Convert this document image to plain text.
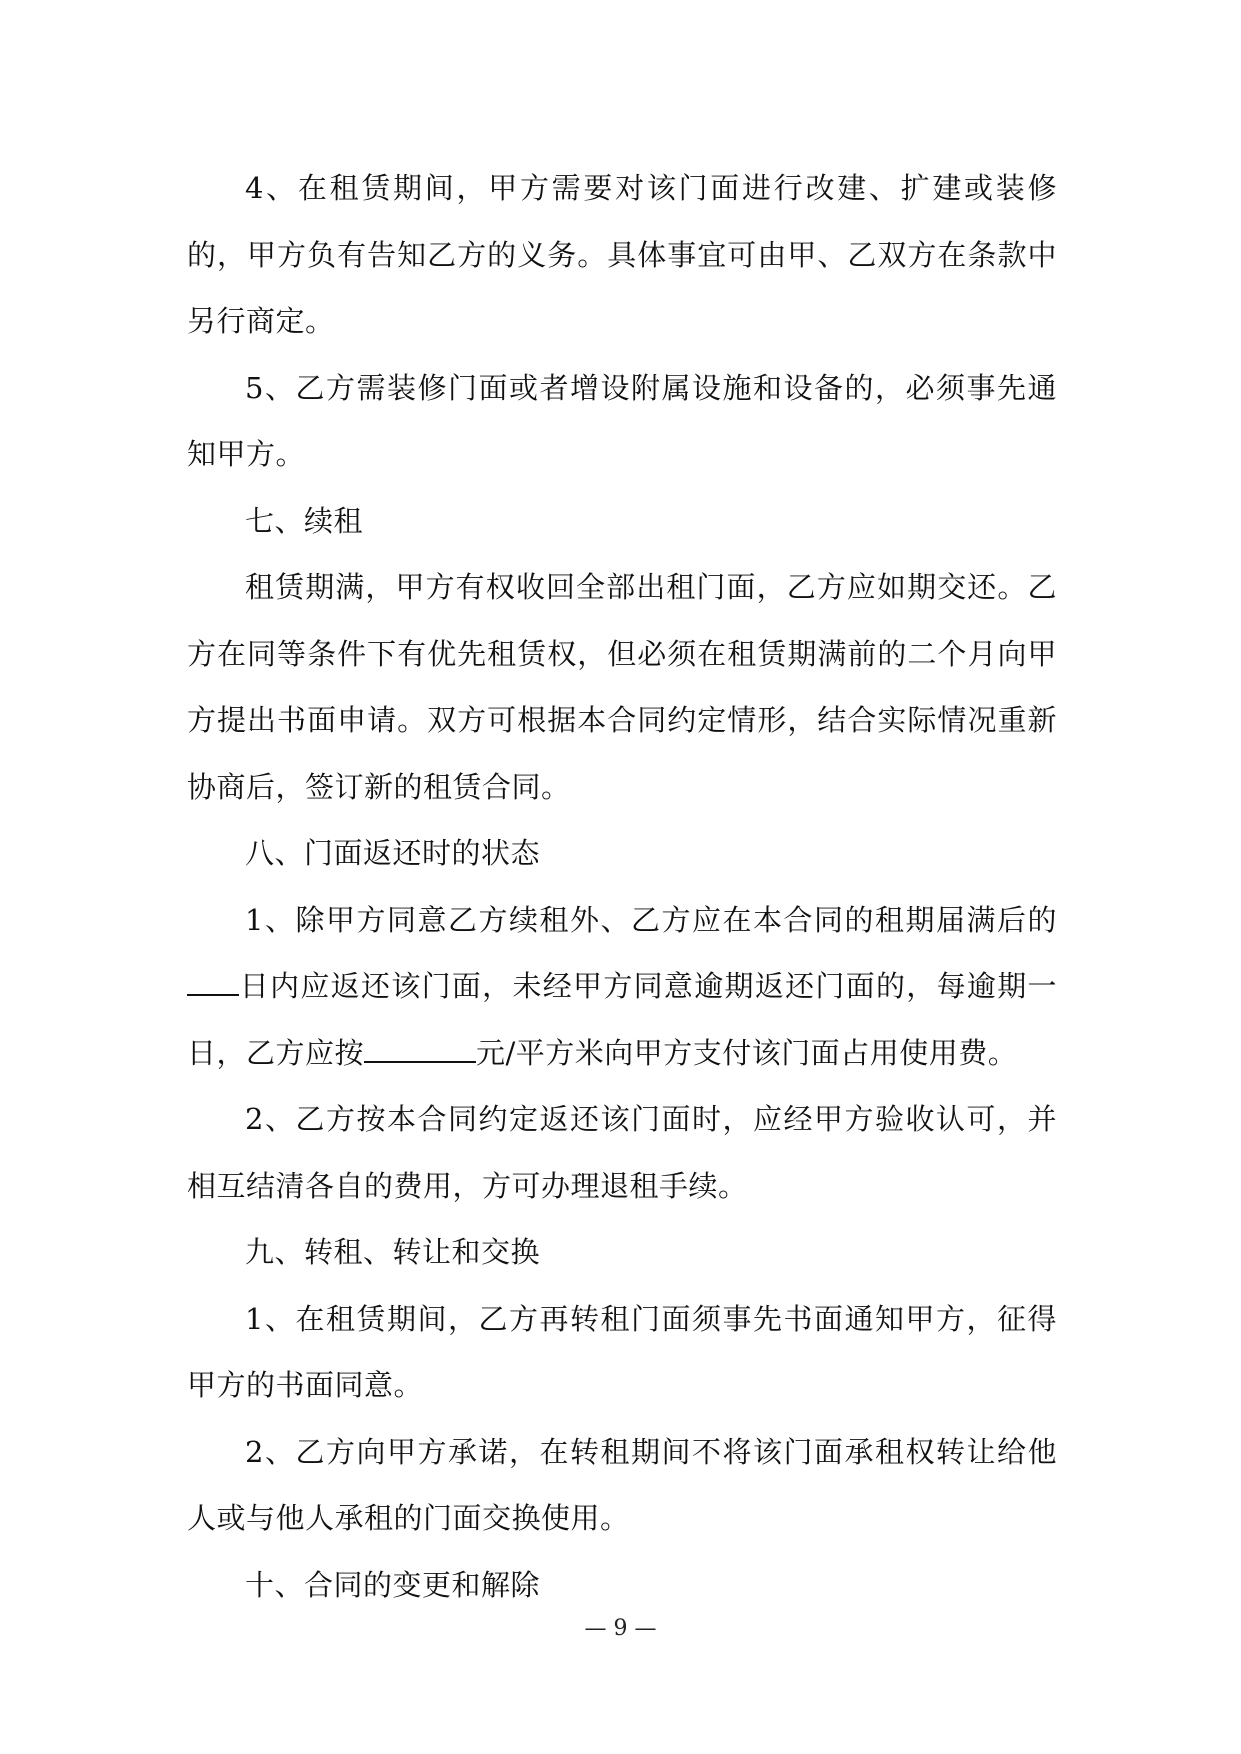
4、在租赁期间，甲方需要对该门面进行改建、扩建或装修的，甲方负有告知乙方的义务。具体事宜可由甲、乙双方在条款中另行商定。

5、乙方需装修门面或者增设附属设施和设备的，必须事先通知甲方。

七、续租

租赁期满，甲方有权收回全部出租门面，乙方应如期交还。乙方在同等条件下有优先租赁权，但必须在租赁期满前的二个月向甲方提出书面申请。双方可根据本合同约定情形，结合实际情况重新协商后，签订新的租赁合同。

八、门面返还时的状态

1、除甲方同意乙方续租外、乙方应在本合同的租期届满后的日内应返还该门面，未经甲方同意逾期返还门面的，每逾期一日，乙方应按	元/平方米向甲方支付该门面占用使用费。

2、乙方按本合同约定返还该门面时，应经甲方验收认可，并相互结清各自的费用，方可办理退租手续。

九、转租、转让和交换

1、在租赁期间，乙方再转租门面须事先书面通知甲方，征得甲方的书面同意。

2、乙方向甲方承诺，在转租期间不将该门面承租权转让给他人或与他人承租的门面交换使用。

十、合同的变更和解除

— 9 —
